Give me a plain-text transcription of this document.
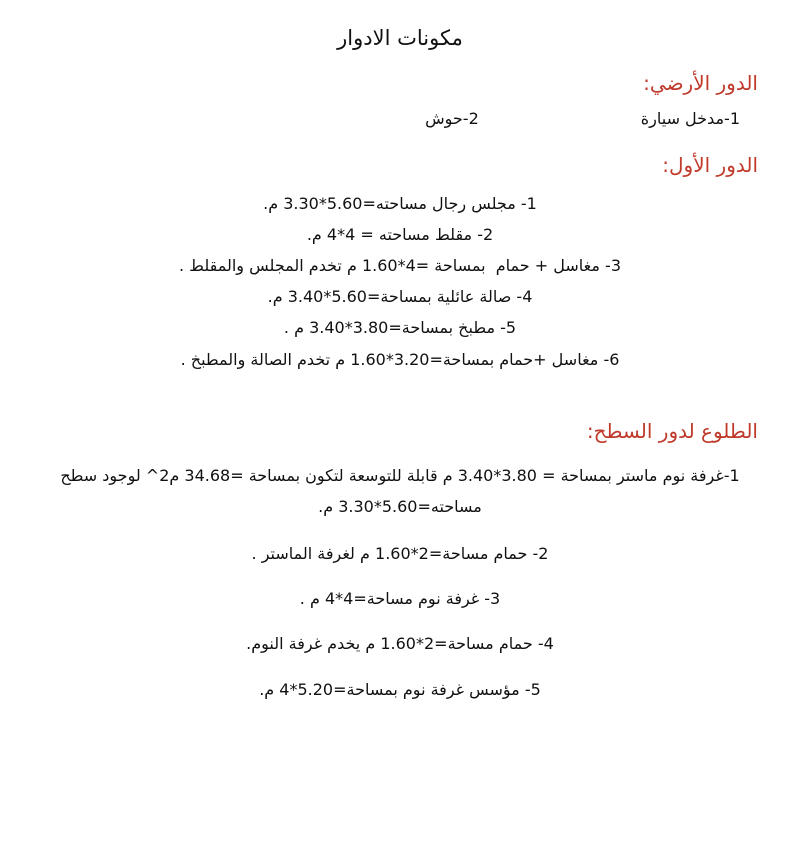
مكونات الادوار
الدور الأرضي:
1-مدخل سيارة
2-حوش
الدور الأول:

1- مجلس رجال مساحته=5.60*3.30 م.

2- مقلط مساحته = 4*4 م.

3- مغاسل + حمام  بمساحة =4*1.60 م تخدم المجلس والمقلط .

4- صالة عائلية بمساحة=5.60*3.40 م.

5- مطبخ بمساحة=3.80*3.40 م .

6- مغاسل +حمام بمساحة=3.20*1.60 م تخدم الصالة والمطبخ .

الطلوع لدور السطح:

1-غرفة نوم ماستر بمساحة = 3.80*3.40 م قابلة للتوسعة لتكون بمساحة =34.68 م2^ لوجود سطح مساحته=5.60*3.30 م.

2- حمام مساحة=2*1.60 م لغرفة الماستر .

3- غرفة نوم مساحة=4*4 م .

4- حمام مساحة=2*1.60 م يخدم غرفة النوم.

5- مؤسس غرفة نوم بمساحة=5.20*4 م.
